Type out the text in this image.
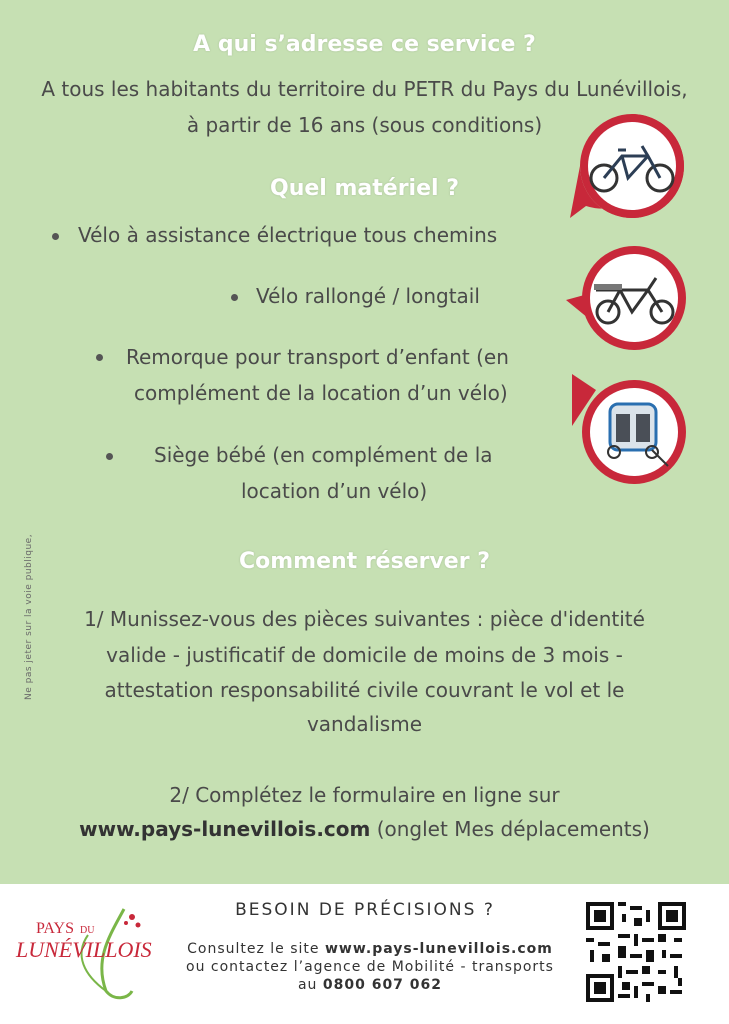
A qui s’adresse ce service ?
A tous les habitants du territoire du PETR du Pays du Lunévillois,
à partir de 16 ans (sous conditions)
Quel matériel ?
Vélo à assistance électrique tous chemins
Vélo rallongé / longtail
Remorque pour transport d’enfant (en
complément de la location d’un vélo)
Siège bébé (en complément de la
location d’un vélo)
Comment réserver ?
1/ Munissez-vous des pièces suivantes : pièce d'identité
valide - justificatif de domicile de moins de 3 mois -
attestation responsabilité civile couvrant le vol et le
vandalisme
2/ Complétez le formulaire en ligne sur
www.pays-lunevillois.com (onglet Mes déplacements)
Ne pas jeter sur la voie publique,
PAYS DU
LUNÉVILLOIS
BESOIN DE PRÉCISIONS ?
Consultez le site www.pays-lunevillois.com
ou contactez l’agence de Mobilité - transports
au 0800 607 062
